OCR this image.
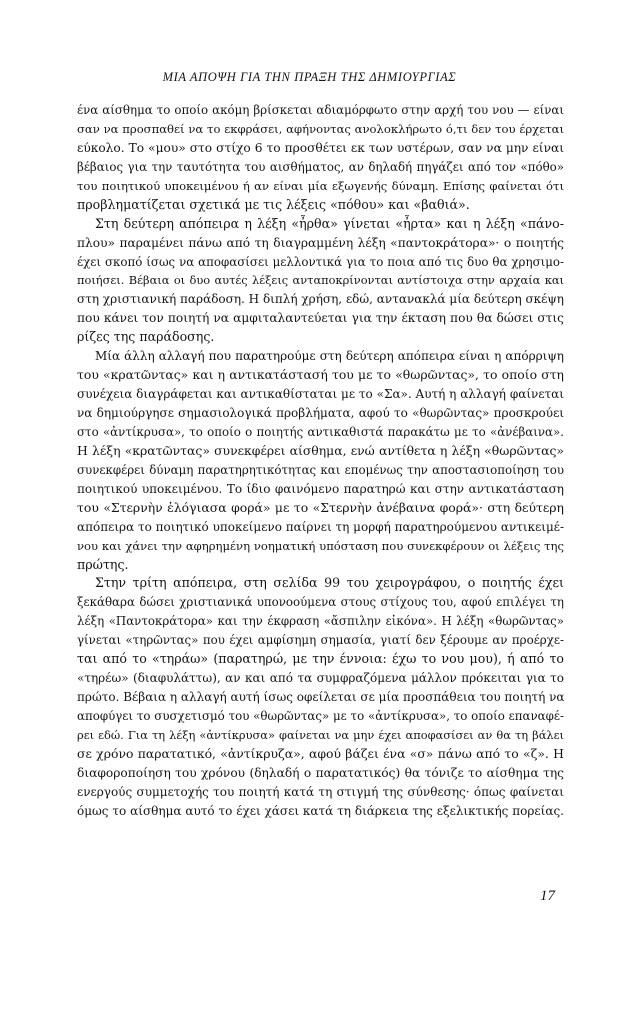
ΜΙΑ ΑΠΟΨΗ ΓΙΑ ΤΗΝ ΠΡΑΞΗ ΤΗΣ ΔΗΜΙΟΥΡΓΙΑΣ
ένα αίσθημα το οποίο ακόμη βρίσκεται αδιαμόρφωτο στην αρχή του νου — είναι
σαν να προσπαθεί να το εκφράσει, αφήνοντας ανολοκλήρωτο ό,τι δεν του έρχεται
εύκολο. Το «μου» στο στίχο 6 το προσθέτει εκ των υστέρων, σαν να μην είναι
βέβαιος για την ταυτότητα του αισθήματος, αν δηλαδή πηγάζει από τον «πόθο»
του ποιητικού υποκειμένου ή αν είναι μία εξωγενής δύναμη. Επίσης φαίνεται ότι
προβληματίζεται σχετικά με τις λέξεις «πόθου» και «βαθιά».
Στη δεύτερη απόπειρα η λέξη «ἦρθα» γίνεται «ἦρτα» και η λέξη «πάνο-
πλου» παραμένει πάνω από τη διαγραμμένη λέξη «παντοκράτορα»· ο ποιητής
έχει σκοπό ίσως να αποφασίσει μελλοντικά για το ποια από τις δυο θα χρησιμο-
ποιήσει. Βέβαια οι δυο αυτές λέξεις ανταποκρίνονται αντίστοιχα στην αρχαία και
στη χριστιανική παράδοση. Η διπλή χρήση, εδώ, αντανακλά μία δεύτερη σκέψη
που κάνει τον ποιητή να αμφιταλαντεύεται για την έκταση που θα δώσει στις
ρίζες της παράδοσης.
Μία άλλη αλλαγή που παρατηρούμε στη δεύτερη απόπειρα είναι η απόρριψη
του «κρατῶντας» και η αντικατάστασή του με το «θωρῶντας», το οποίο στη
συνέχεια διαγράφεται και αντικαθίσταται με το «Σα». Αυτή η αλλαγή φαίνεται
να δημιούργησε σημασιολογικά προβλήματα, αφού το «θωρῶντας» προσκρούει
στο «ἀντίκρυσα», το οποίο ο ποιητής αντικαθιστά παρακάτω με το «ἀνέβαινα».
Η λέξη «κρατῶντας» συνεκφέρει αίσθημα, ενώ αντίθετα η λέξη «θωρῶντας»
συνεκφέρει δύναμη παρατηρητικότητας και επομένως την αποστασιοποίηση του
ποιητικού υποκειμένου. Το ίδιο φαινόμενο παρατηρώ και στην αντικατάσταση
του «Στερνὴν ἐλόγιασα φορά» με το «Στερνὴν ἀνέβαινα φορά»· στη δεύτερη
απόπειρα το ποιητικό υποκείμενο παίρνει τη μορφή παρατηρούμενου αντικειμέ-
νου και χάνει την αφηρημένη νοηματική υπόσταση που συνεκφέρουν οι λέξεις της
πρώτης.
Στην τρίτη απόπειρα, στη σελίδα 99 του χειρογράφου, ο ποιητής έχει
ξεκάθαρα δώσει χριστιανικά υπονοούμενα στους στίχους του, αφού επιλέγει τη
λέξη «Παντοκράτορα» και την έκφραση «ἄσπιλην εἰκόνα». Η λέξη «θωρῶντας»
γίνεται «τηρῶντας» που έχει αμφίσημη σημασία, γιατί δεν ξέρουμε αν προέρχε-
ται από το «τηράω» (παρατηρώ, με την έννοια: έχω το νου μου), ή από το
«τηρέω» (διαφυλάττω), αν και από τα συμφραζόμενα μάλλον πρόκειται για το
πρώτο. Βέβαια η αλλαγή αυτή ίσως οφείλεται σε μία προσπάθεια του ποιητή να
αποφύγει το συσχετισμό του «θωρῶντας» με το «ἀντίκρυσα», το οποίο επαναφέ-
ρει εδώ. Για τη λέξη «ἀντίκρυσα» φαίνεται να μην έχει αποφασίσει αν θα τη βάλει
σε χρόνο παρατατικό, «ἀντίκρυζα», αφού βάζει ένα «σ» πάνω από το «ζ». Η
διαφοροποίηση του χρόνου (δηλαδή ο παρατατικός) θα τόνιζε το αίσθημα της
ενεργούς συμμετοχής του ποιητή κατά τη στιγμή της σύνθεσης· όπως φαίνεται
όμως το αίσθημα αυτό το έχει χάσει κατά τη διάρκεια της εξελικτικής πορείας.
17
